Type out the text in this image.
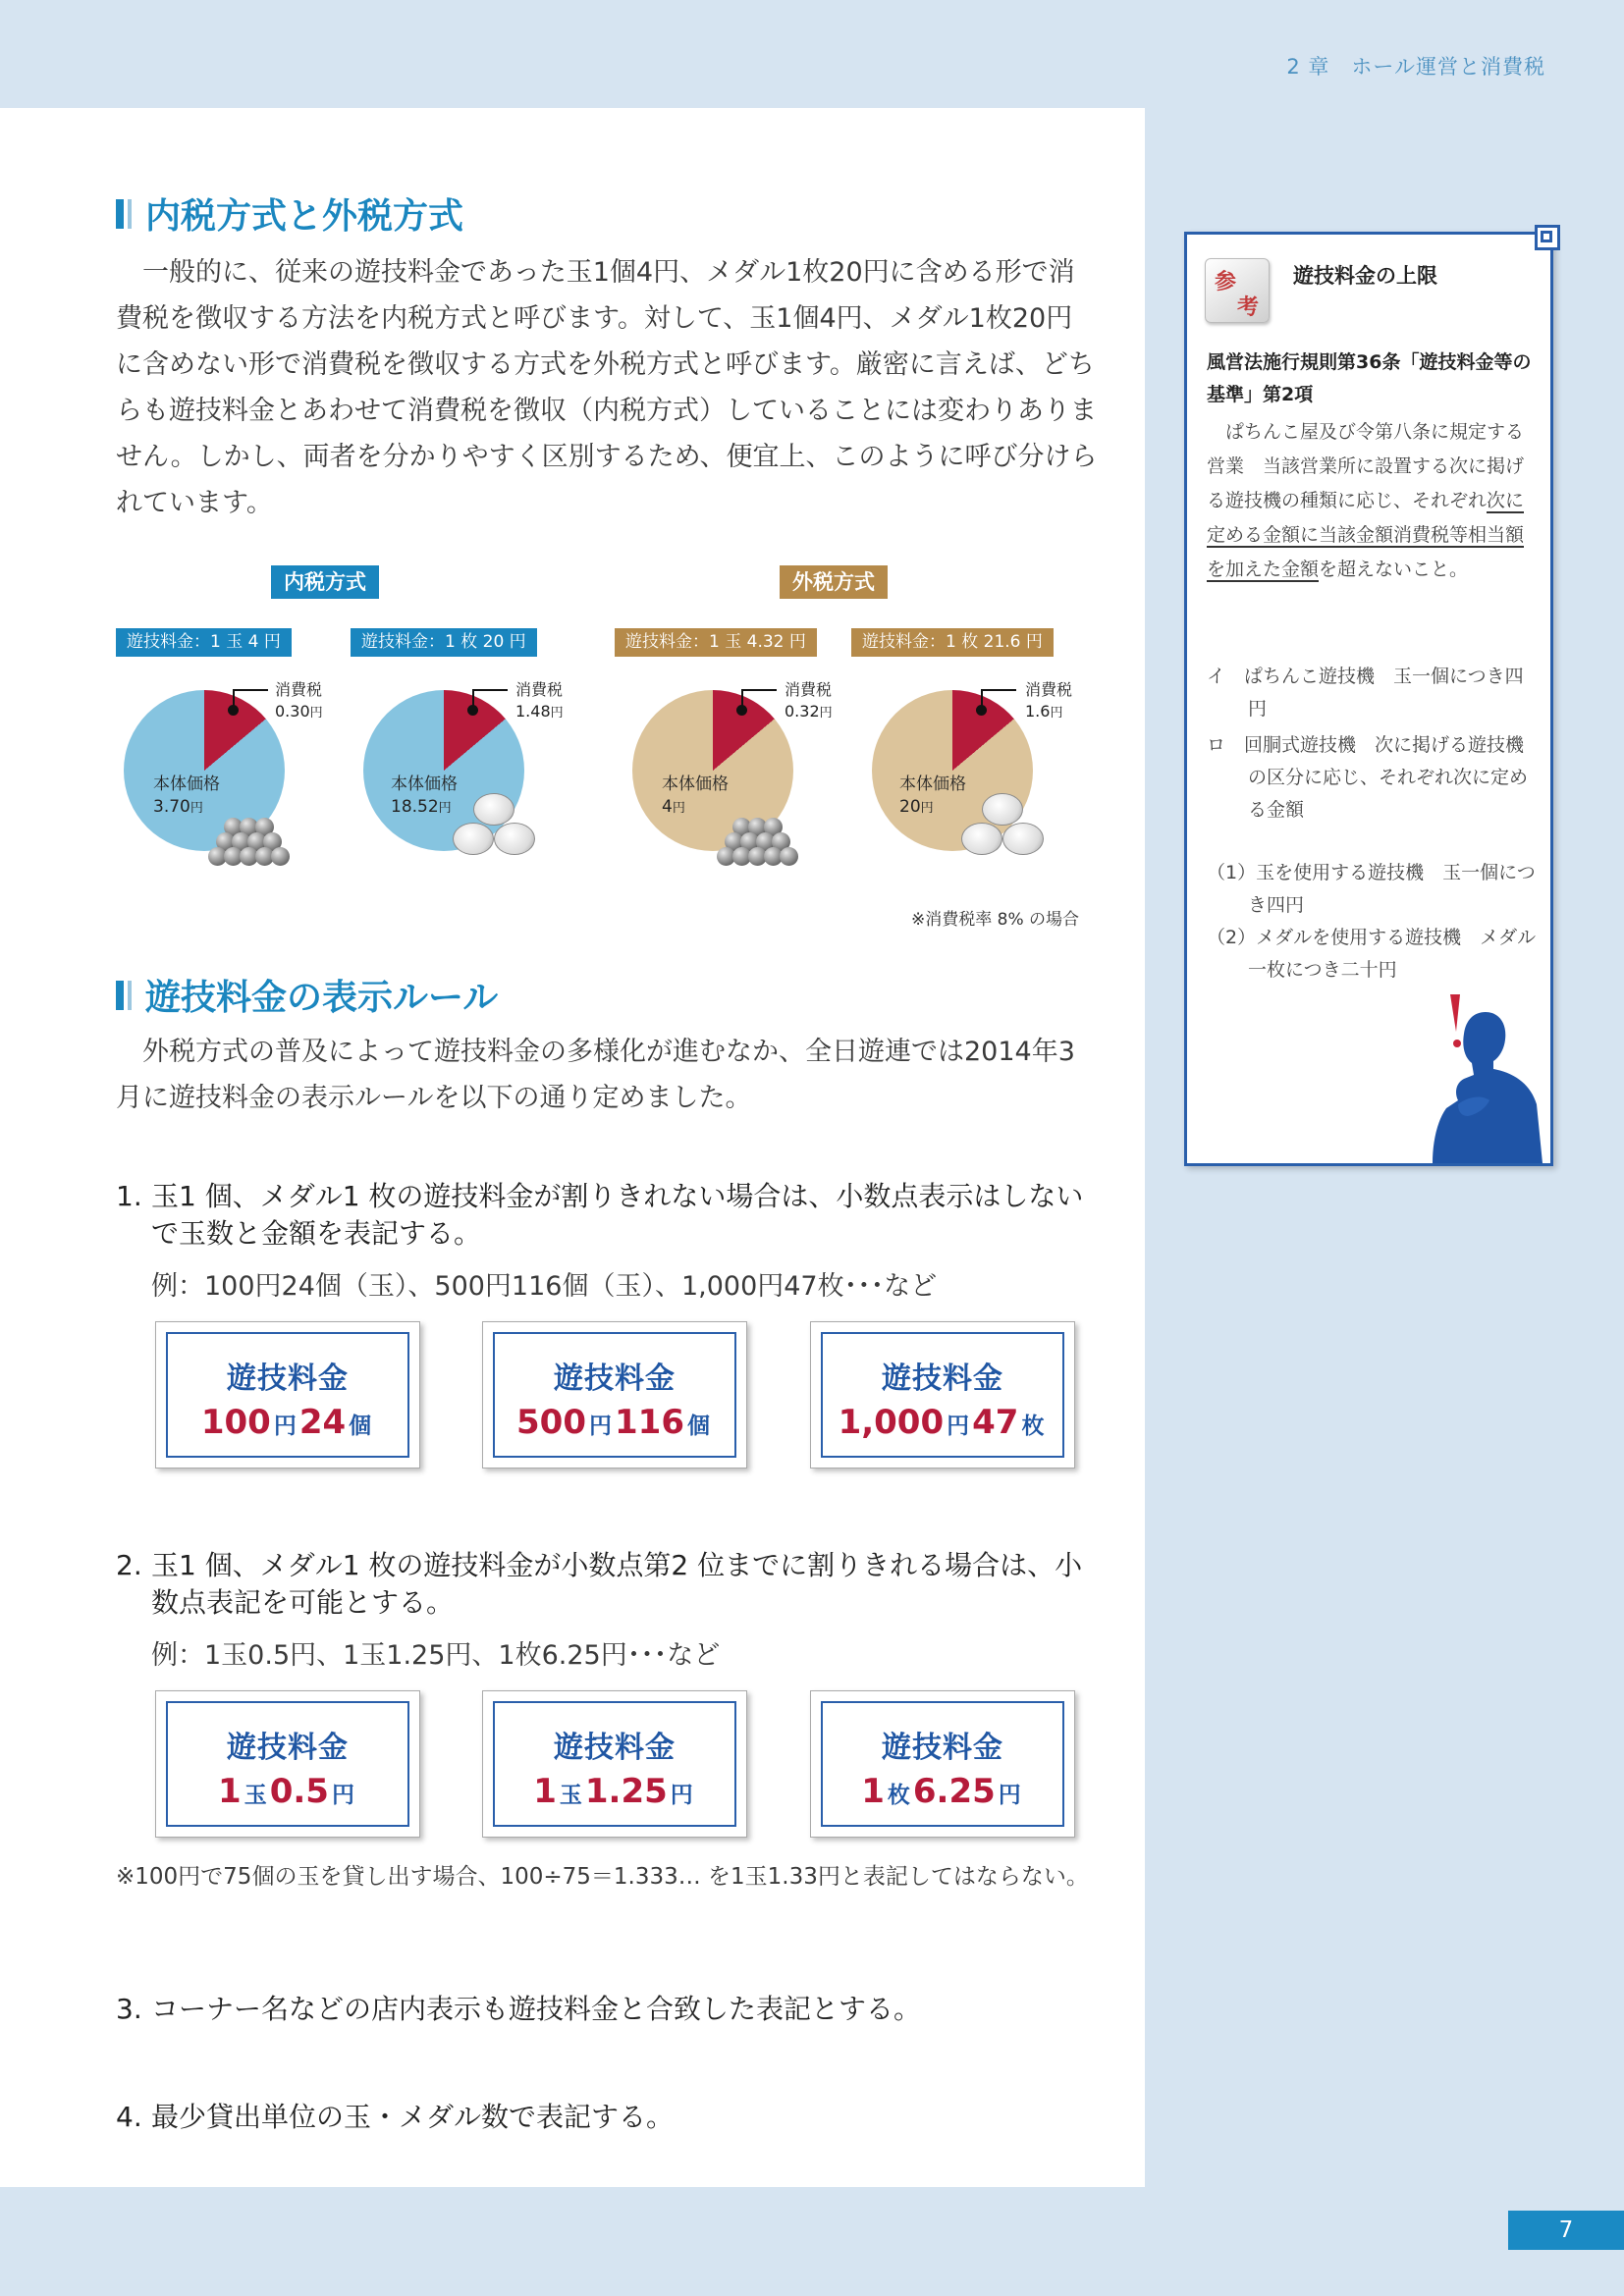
2 章　ホール運営と消費税
内税方式と外税方式
一般的に、従来の遊技料金であった玉1個4円、メダル1枚20円に含める形で消費税を徴収する方法を内税方式と呼びます。対して、玉1個4円、メダル1枚20円に含めない形で消費税を徴収する方式を外税方式と呼びます。厳密に言えば、どちらも遊技料金とあわせて消費税を徴収（内税方式）していることには変わりありません。しかし、両者を分かりやすく区別するため、便宜上、このように呼び分けられています。
内税方式	外税方式
遊技料金：1 玉 4 円	遊技料金：1 枚 20 円	遊技料金：1 玉 4.32 円	遊技料金：1 枚 21.6 円
消費税
0.30円
本体価格
3.70円
消費税
1.48円
本体価格
18.52円
消費税
0.32円
本体価格
4円
消費税
1.6円
本体価格
20円
※消費税率 8% の場合
遊技料金の表示ルール
外税方式の普及によって遊技料金の多様化が進むなか、全日遊連では2014年3月に遊技料金の表示ルールを以下の通り定めました。
1. 玉1 個、メダル1 枚の遊技料金が割りきれない場合は、小数点表示はしない
で玉数と金額を表記する。
例：100円24個（玉）、500円116個（玉）、1,000円47枚･･･など
遊技料金
100 円24 個
遊技料金
500 円116 個
遊技料金
1,000 円47 枚
2. 玉1 個、メダル1 枚の遊技料金が小数点第2 位までに割りきれる場合は、小
数点表記を可能とする。
例：1玉0.5円、1玉1.25円、1枚6.25円･･･など
遊技料金
1 玉0.5 円
遊技料金
1 玉1.25 円
遊技料金
1 枚6.25 円
※100円で75個の玉を貸し出す場合、100÷75＝1.333… を1玉1.33円と表記してはならない。
3. コーナー名などの店内表示も遊技料金と合致した表記とする。
4. 最少貸出単位の玉・メダル数で表記する。
参
考
遊技料金の上限
風営法施行規則第36条「遊技料金等の基準」第2項
ぱちんこ屋及び令第八条に規定する営業　当該営業所に設置する次に掲げる遊技機の種類に応じ、それぞれ次に定める金額に当該金額消費税等相当額を加えた金額を超えないこと。
イ　ぱちんこ遊技機　玉一個につき四円
ロ　回胴式遊技機　次に掲げる遊技機の区分に応じ、それぞれ次に定める金額
（1）玉を使用する遊技機　玉一個につき四円
（2）メダルを使用する遊技機　メダル一枚につき二十円
7
